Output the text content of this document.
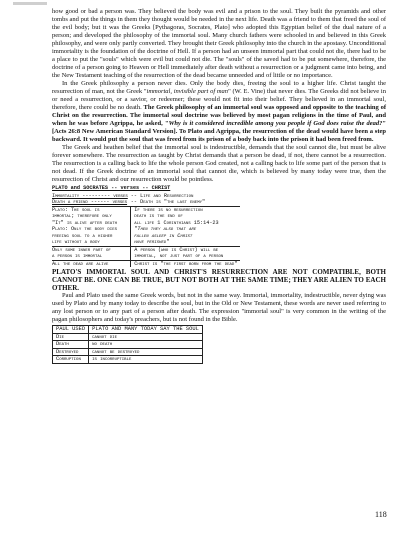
how good or bad a person was. They believed the body was evil and a prison to the soul. They built the pyramids and other tombs and put the things in them they thought would be needed in the next life. Death was a friend to them that freed the soul of the evil body; but it was the Greeks [Pythagoras, Socrates, Plato] who adopted this Egyptian belief of the dual nature of a person; and developed the philosophy of the immortal soul. Many church fathers were schooled in and believed in this Greek philosophy, and were only partly converted. They brought their Greek philosophy into the church in the apostasy. Unconditional immortality is the foundation of the doctrine of Hell. If a person had an unseen immortal part that could not die, there had to be a place to put the "souls" which were evil but could not die. The "souls" of the saved had to be put somewhere, therefore, the doctrine of a person going to Heaven or Hell immediately after death without a resurrection or a judgment came into being, and the New Testament teaching of the resurrection of the dead became unneeded and of little or no importance.

In the Greek philosophy a person never dies. Only the body dies, freeing the soul to a higher life. Christ taught the resurrection of man, not the Greek "immortal, invisible part of man" (W. E. Vine) that never dies. The Greeks did not believe in or need a resurrection, or a savior, or redeemer; these would not fit into their belief. They believed in an immortal soul, therefore, there could be no death. The Greek philosophy of an immortal soul was opposed and opposite to the teaching of Christ on the resurrection. The immortal soul doctrine was believed by most pagan religions in the time of Paul, and when he was before Agrippa, he asked, "Why is it considered incredible among you people if God does raise the dead?" [Acts 26:8 New American Standard Version]. To Plato and Agrippa, the resurrection of the dead would have been a step backward. It would put the soul that was freed from its prison of a body back into the prison it had been freed from.

The Greek and heathen belief that the immortal soul is indestructible, demands that the soul cannot die, but must be alive forever somewhere. The resurrection as taught by Christ demands that a person be dead, if not, there cannot be a resurrection. The resurrection is a calling back to life the whole person God created, not a calling back to life some part of the person that is not dead. If the Greek doctrine of an immortal soul that cannot die, which is believed by many today were true, then the resurrection of Christ and our resurrection would be pointless.

PLATO and SOCRATES -- verses -- CHRIST
Immortality --------- verses	-- Life and Resurrection
Death a friend ------ verses	-- Death is "the last enemy"
Plato: The soul is	If there is no resurrection
immortal; therefore only	death is the end of
"It" is alive after death	all life 1 Corinthians 15:14-23
Plato: Only the body dies	"Then they also that are
freeing soul to a higher	fallen asleep in Christ
life without a body	have perished"
Only some inner part of	A person (who is Christ) will be
a person is immortal	immortal, not just part of a person
All the dead are alive	Christ is "the first born from the dead"
PLATO'S IMMORTAL SOUL AND CHRIST'S RESURRECTION ARE NOT COMPATIBLE, BOTH CANNOT BE. ONE CAN BE TRUE, BUT NOT BOTH AT THE SAME TIME; THEY ARE ALIEN TO EACH OTHER.

Paul and Plato used the same Greek words, but not in the same way. Immortal, immortality, indestructible, never dying was used by Plato and by many today to describe the soul, but in the Old or New Testament, these words are never used referring to any lost person or to any part of a person after death. The expression "immortal soul" is very common in the writing of the pagan philosophers and today's preachers, but is not found in the Bible.

PAUL USED	PLATO AND MANY TODAY SAY THE SOUL
Die	cannot die
Death	no death
Destroyed	cannot be destroyed
Corruption	is incorruptible
118
